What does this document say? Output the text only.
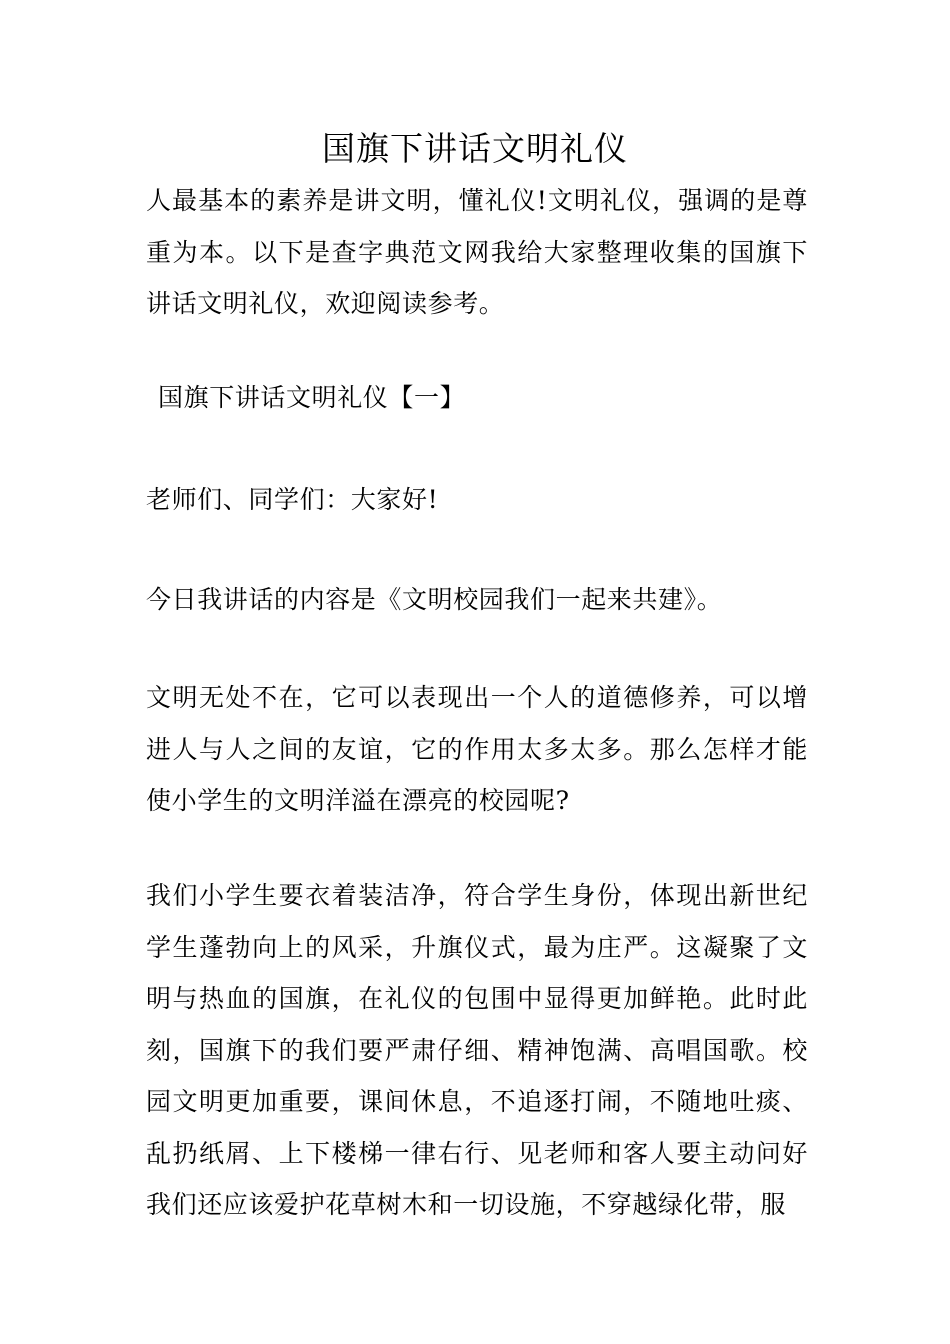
国旗下讲话文明礼仪

人最基本的素养是讲文明，懂礼仪!文明礼仪，强调的是尊重为本。以下是查字典范文网我给大家整理收集的国旗下讲话文明礼仪，欢迎阅读参考。

国旗下讲话文明礼仪【一】

老师们、同学们：大家好!

今日我讲话的内容是《文明校园我们一起来共建》。

文明无处不在，它可以表现出一个人的道德修养，可以增进人与人之间的友谊，它的作用太多太多。那么怎样才能使小学生的文明洋溢在漂亮的校园呢?

我们小学生要衣着装洁净，符合学生身份，体现出新世纪学生蓬勃向上的风采，升旗仪式，最为庄严。这凝聚了文明与热血的国旗，在礼仪的包围中显得更加鲜艳。此时此刻，国旗下的我们要严肃仔细、精神饱满、高唱国歌。校园文明更加重要，课间休息，不追逐打闹，不随地吐痰、乱扔纸屑、上下楼梯一律右行、见老师和客人要主动问好我们还应该爱护花草树木和一切设施，不穿越绿化带，服
